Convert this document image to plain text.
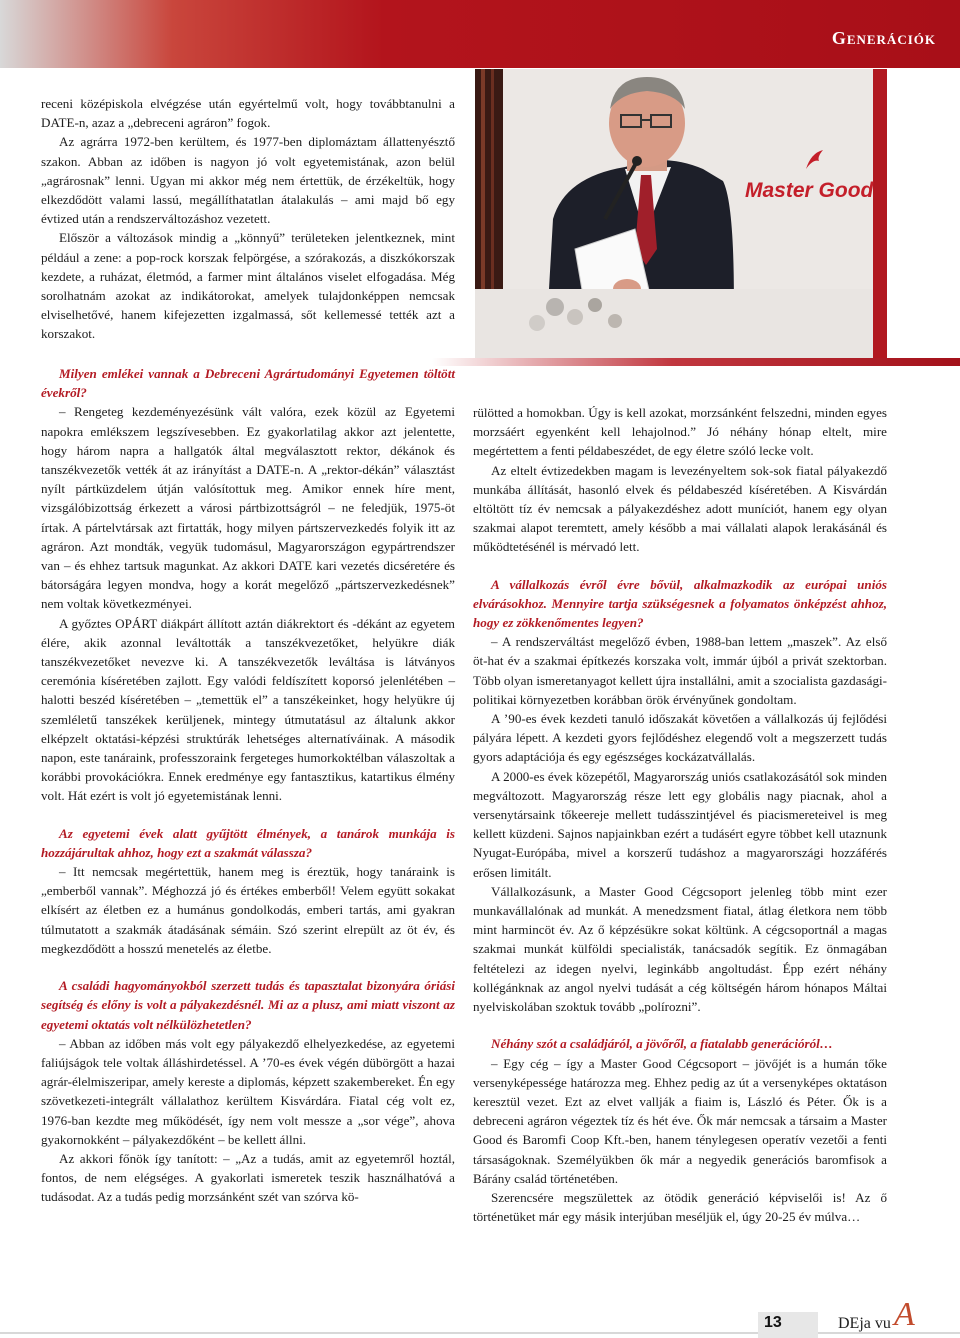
Generációk
Master Good

receni középiskola elvégzése után egyértelmű volt, hogy továbbtanulni a DATE-n, azaz a „debreceni agráron” fogok.

Az agrárra 1972-ben kerültem, és 1977-ben diplomáztam állattenyésztő szakon. Abban az időben is nagyon jó volt egyetemistának, azon belül „agrárosnak” lenni. Ugyan mi akkor még nem értettük, de érzékeltük, hogy elkezdődött valami lassú, megállíthatatlan átalakulás – ami majd bő egy évtized után a rendszerváltozáshoz vezetett.

Először a változások mindig a „könnyű” területeken jelentkeznek, mint például a zene: a pop-rock korszak felpörgése, a szórakozás, a diszkókorszak kezdete, a ruházat, életmód, a farmer mint általános viselet elfogadása. Még sorolhatnám azokat az indikátorokat, amelyek tulajdonképpen nemcsak elviselhetővé, hanem kifejezetten izgalmassá, sőt kellemessé tették azt a korszakot.

Milyen emlékei vannak a Debreceni Agrártudományi Egyetemen töltött évekről?

– Rengeteg kezdeményezésünk vált valóra, ezek közül az Egyetemi napokra emlékszem legszívesebben. Ez gyakorlatilag akkor azt jelentette, hogy három napra a hallgatók által megválasztott rektor, dékánok és tanszékvezetők vették át az irányítást a DATE-n. A „rektor-dékán” választást nyílt pártküzdelem útján valósítottuk meg. Amikor ennek híre ment, vizsgálóbizottság érkezett a városi pártbizottságról – ne feledjük, 1975-öt írtak. A pártelvtársak azt firtatták, hogy milyen pártszervezkedés folyik itt az agráron. Azt mondták, vegyük tudomásul, Magyarországon egypártrendszer van – és ehhez tartsuk magunkat. Az akkori DATE kari vezetés dicséretére és bátorságára legyen mondva, hogy a korát megelőző „pártszervezkedésnek” nem voltak következményei.

A győztes OPÁRT diákpárt állított aztán diákrektort és -dékánt az egyetem élére, akik azonnal leváltották a tanszékvezetőket, helyükre diák tanszékvezetőket nevezve ki. A tanszékvezetők leváltása is látványos ceremónia kíséretében zajlott. Egy valódi feldíszített koporsó jelenlétében – halotti beszéd kíséretében – „temettük el” a tanszékeinket, hogy helyükre új szemléletű tanszékek kerüljenek, mintegy útmutatásul az általunk akkor elképzelt oktatási-képzési struktúrák lehetséges alternatíváinak. A második napon, este tanáraink, professzoraink fergeteges humorkoktélban válaszoltak a korábbi provokációkra. Ennek eredménye egy fantasztikus, katartikus élmény volt. Hát ezért is volt jó egyetemistának lenni.

Az egyetemi évek alatt gyűjtött élmények, a tanárok munkája is hozzájárultak ahhoz, hogy ezt a szakmát válassza?

– Itt nemcsak megértettük, hanem meg is éreztük, hogy tanáraink is „emberből vannak”. Méghozzá jó és értékes emberből! Velem együtt sokakat elkísért az életben ez a humánus gondolkodás, emberi tartás, ami gyakran túlmutatott a szakmák átadásának sémáin. Szó szerint elrepült az öt év, és megkezdődött a hosszú menetelés az életbe.

A családi hagyományokból szerzett tudás és tapasztalat bizonyára óriási segítség és előny is volt a pályakezdésnél. Mi az a plusz, ami miatt viszont az egyetemi oktatás volt nélkülözhetetlen?

– Abban az időben más volt egy pályakezdő elhelyezkedése, az egyetemi faliújságok tele voltak álláshirdetéssel. A ’70-es évek végén dübörgött a hazai agrár-élelmiszeripar, amely kereste a diplomás, képzett szakembereket. Én egy szövetkezeti-integrált vállalathoz kerültem Kisvárdára. Fiatal cég volt ez, 1976-ban kezdte meg működését, így nem volt messze a „sor vége”, ahova gyakornokként – pályakezdőként – be kellett állni.

Az akkori főnök így tanított: – „Az a tudás, amit az egyetemről hoztál, fontos, de nem elégséges. A gyakorlati ismeretek teszik használhatóvá a tudásodat. Az a tudás pedig morzsánként szét van szórva kö-

rülötted a homokban. Úgy is kell azokat, morzsánként felszedni, minden egyes morzsáért egyenként kell lehajolnod.” Jó néhány hónap eltelt, mire megértettem a fenti példabeszédet, de egy életre szóló lecke volt.

Az eltelt évtizedekben magam is levezényeltem sok-sok fiatal pályakezdő munkába állítását, hasonló elvek és példabeszéd kíséretében. A Kisvárdán eltöltött tíz év nemcsak a pályakezdéshez adott muníciót, hanem egy olyan szakmai alapot teremtett, amely később a mai vállalati alapok lerakásánál és működtetésénél is mérvadó lett.

A vállalkozás évről évre bővül, alkalmazkodik az európai uniós elvárásokhoz. Mennyire tartja szükségesnek a folyamatos önképzést ahhoz, hogy ez zökkenőmentes legyen?

– A rendszerváltást megelőző évben, 1988-ban lettem „maszek”. Az első öt-hat év a szakmai építkezés korszaka volt, immár újból a privát szektorban. Több olyan ismeretanyagot kellett újra installálni, amit a szocialista gazdasági-politikai környezetben korábban örök érvényűnek gondoltam.

A ’90-es évek kezdeti tanuló időszakát követően a vállalkozás új fejlődési pályára lépett. A kezdeti gyors fejlődéshez elegendő volt a megszerzett tudás gyors adaptációja és egy egészséges kockázatvállalás.

A 2000-es évek közepétől, Magyarország uniós csatlakozásától sok minden megváltozott. Magyarország része lett egy globális nagy piacnak, ahol a versenytársaink tőkeereje mellett tudásszintjével és piacismereteivel is meg kellett küzdeni. Sajnos napjainkban ezért a tudásért egyre többet kell utaznunk Nyugat-Európába, mivel a korszerű tudáshoz a magyarországi hozzáférés erősen limitált.

Vállalkozásunk, a Master Good Cégcsoport jelenleg több mint ezer munkavállalónak ad munkát. A menedzsment fiatal, átlag életkora nem több mint harmincöt év. Az ő képzésükre sokat költünk. A cégcsoportnál a magas szakmai munkát külföldi specialisták, tanácsadók segítik. Ez önmagában feltételezi az idegen nyelvi, leginkább angoltudást. Épp ezért néhány kollégánknak az angol nyelvi tudását a cég költségén három hónapos Máltai nyelviskolában szoktuk tovább „polírozni”.

Néhány szót a családjáról, a jövőről, a fiatalabb generációról…

– Egy cég – így a Master Good Cégcsoport – jövőjét is a humán tőke versenyképessége határozza meg. Ehhez pedig az út a versenyképes oktatáson keresztül vezet. Ezt az elvet vallják a fiaim is, László és Péter. Ők is a debreceni agráron végeztek tíz és hét éve. Ők már nemcsak a társaim a Master Good és Baromfi Coop Kft.-ben, hanem ténylegesen operatív vezetői a fenti társaságoknak. Személyükben ők már a negyedik generációs baromfisok a Bárány család történetében.

Szerencsére megszülettek az ötödik generáció képviselői is! Az ő történetüket már egy másik interjúban meséljük el, úgy 20-25 év múlva…

13	DEja vu A
